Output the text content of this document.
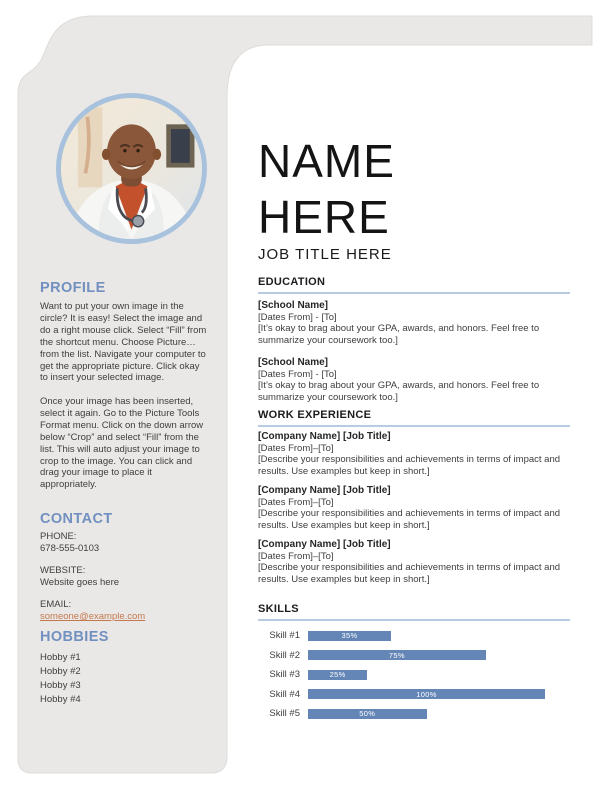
PROFILE

Want to put your own image in the circle? It is easy! Select the image and do a right mouse click. Select “Fill” from the shortcut menu. Choose Picture… from the list. Navigate your computer to get the appropriate picture. Click okay to insert your selected image.

Once your image has been inserted, select it again. Go to the Picture Tools Format menu. Click on the down arrow below “Crop” and select “Fill” from the list. This will auto adjust your image to crop to the image. You can click and drag your image to place it appropriately.

CONTACT
PHONE:
678-555-0103
WEBSITE:
Website goes here
EMAIL:
someone@example.com
HOBBIES
Hobby #1
Hobby #2
Hobby #3
Hobby #4
NAME
HERE
JOB TITLE HERE
EDUCATION
[School Name]
[Dates From] - [To]
[It’s okay to brag about your GPA, awards, and honors. Feel free to summarize your coursework too.]
[School Name]
[Dates From] - [To]
[It’s okay to brag about your GPA, awards, and honors. Feel free to summarize your coursework too.]
WORK EXPERIENCE
[Company Name] [Job Title]
[Dates From]–[To]
[Describe your responsibilities and achievements in terms of impact and results. Use examples but keep in short.]
[Company Name] [Job Title]
[Dates From]–[To]
[Describe your responsibilities and achievements in terms of impact and results. Use examples but keep in short.]
[Company Name] [Job Title]
[Dates From]–[To]
[Describe your responsibilities and achievements in terms of impact and results. Use examples but keep in short.]
SKILLS
Skill #1	35%
Skill #2	75%
Skill #3	25%
Skill #4	100%
Skill #5	50%
